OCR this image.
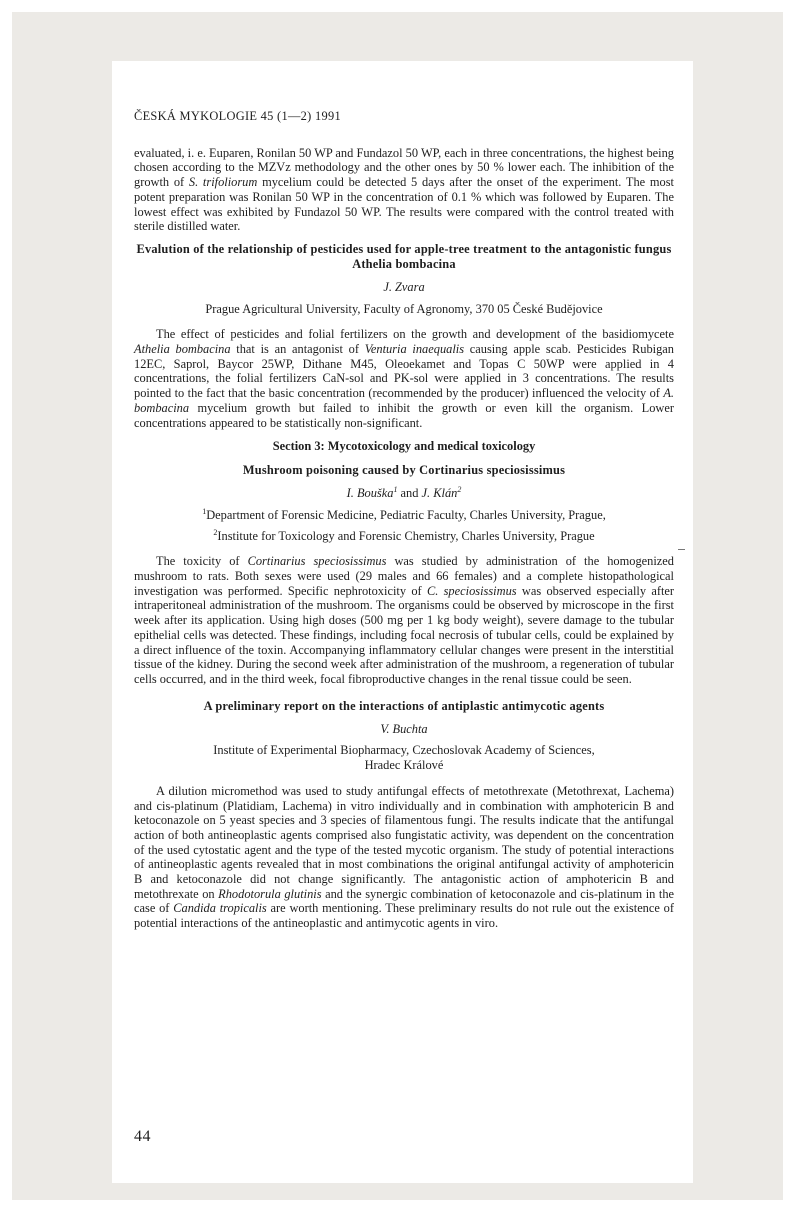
ČESKÁ MYKOLOGIE 45 (1—2) 1991

evaluated, i. e. Euparen, Ronilan 50 WP and Fundazol 50 WP, each in three concentrations, the highest being chosen according to the MZVz methodology and the other ones by 50 % lower each. The inhibition of the growth of S. trifoliorum mycelium could be detected 5 days after the onset of the experiment. The most potent preparation was Ronilan 50 WP in the concentration of 0.1 % which was followed by Euparen. The lowest effect was exhibited by Fundazol 50 WP. The results were compared with the control treated with sterile distilled water.

Evalution of the relationship of pesticides used for apple-tree treatment to the antagonistic fungus Athelia bombacina

J. Zvara

Prague Agricultural University, Faculty of Agronomy, 370 05 České Budějovice

The effect of pesticides and folial fertilizers on the growth and development of the basidiomycete Athelia bombacina that is an antagonist of Venturia inaequalis causing apple scab. Pesticides Rubigan 12EC, Saprol, Baycor 25WP, Dithane M45, Oleoekamet and Topas C 50WP were applied in 4 concentrations, the folial fertilizers CaN-sol and PK-sol were applied in 3 concentrations. The results pointed to the fact that the basic concentration (recommended by the producer) influenced the velocity of A. bombacina mycelium growth but failed to inhibit the growth or even kill the organism. Lower concentrations appeared to be statistically non-significant.

Section 3: Mycotoxicology and medical toxicology

Mushroom poisoning caused by Cortinarius speciosissimus

I. Bouška$^1$ and J. Klán$^2$

$^1$Department of Forensic Medicine, Pediatric Faculty, Charles University, Prague,

$^2$Institute for Toxicology and Forensic Chemistry, Charles University, Prague

The toxicity of Cortinarius speciosissimus was studied by administration of the homogenized mushroom to rats. Both sexes were used (29 males and 66 females) and a complete histopathological investigation was performed. Specific nephrotoxicity of C. speciosissimus was observed especially after intraperitoneal administration of the mushroom. The organisms could be observed by microscope in the first week after its application. Using high doses (500 mg per 1 kg body weight), severe damage to the tubular epithelial cells was detected. These findings, including focal necrosis of tubular cells, could be explained by a direct influence of the toxin. Accompanying inflammatory cellular changes were present in the interstitial tissue of the kidney. During the second week after administration of the mushroom, a regeneration of tubular cells occurred, and in the third week, focal fibroproductive changes in the renal tissue could be seen.

A preliminary report on the interactions of antiplastic antimycotic agents

V. Buchta

Institute of Experimental Biopharmacy, Czechoslovak Academy of Sciences,
Hradec Králové

A dilution micromethod was used to study antifungal effects of metothrexate (Metothrexat, Lachema) and cis-platinum (Platidiam, Lachema) in vitro individually and in combination with amphotericin B and ketoconazole on 5 yeast species and 3 species of filamentous fungi. The results indicate that the antifungal action of both antineoplastic agents comprised also fungistatic activity, was dependent on the concentration of the used cytostatic agent and the type of the tested mycotic organism. The study of potential interactions of antineoplastic agents revealed that in most combinations the original antifungal activity of amphotericin B and ketoconazole did not change significantly. The antagonistic action of amphotericin B and metothrexate on Rhodotorula glutinis and the synergic combination of ketoconazole and cis-platinum in the case of Candida tropicalis are worth mentioning. These preliminary results do not rule out the existence of potential interactions of the antineoplastic and antimycotic agents in viro.

44
